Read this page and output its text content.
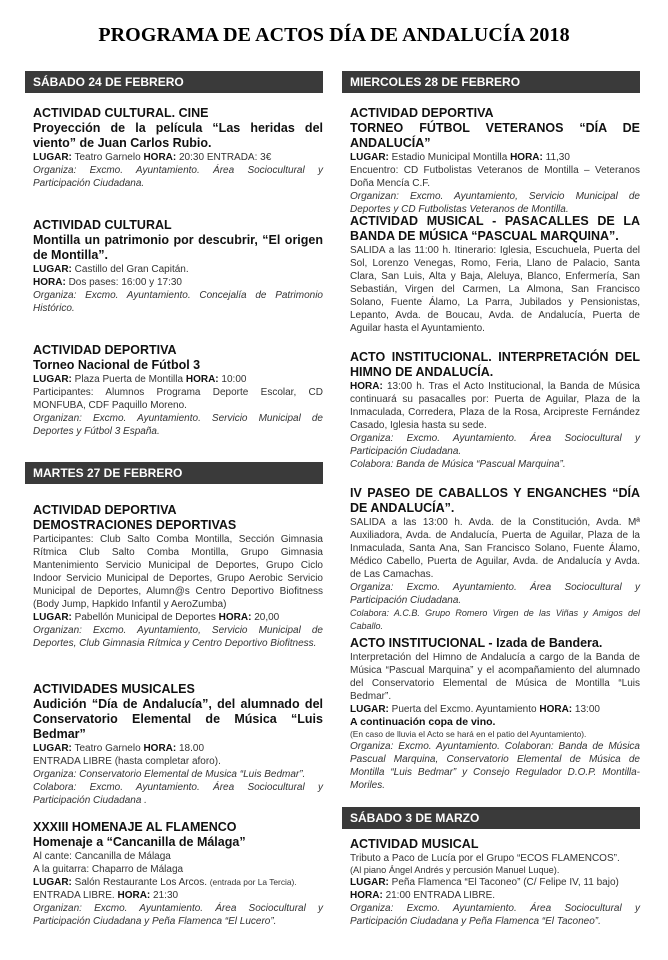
PROGRAMA DE ACTOS DÍA DE ANDALUCÍA 2018
SÁBADO 24 DE FEBRERO
ACTIVIDAD CULTURAL. CINE
Proyección de la película “Las heridas del viento” de Juan Carlos Rubio.
LUGAR: Teatro Garnelo HORA: 20:30 ENTRADA: 3€
Organiza: Excmo. Ayuntamiento. Área Sociocultural y Participación Ciudadana.
ACTIVIDAD CULTURAL
Montilla un patrimonio por descubrir, “El origen de Montilla”.
LUGAR: Castillo del Gran Capitán.
HORA: Dos pases: 16:00 y 17:30
Organiza: Excmo. Ayuntamiento. Concejalía de Patrimonio Histórico.
ACTIVIDAD DEPORTIVA
Torneo Nacional de Fútbol 3
LUGAR: Plaza Puerta de Montilla HORA: 10:00
Participantes: Alumnos Programa Deporte Escolar, CD MONFUBA, CDF Paquillo Moreno.
Organizan: Excmo. Ayuntamiento. Servicio Municipal de Deportes y Fútbol 3 España.
MARTES 27 DE FEBRERO
ACTIVIDAD DEPORTIVA
DEMOSTRACIONES DEPORTIVAS
Participantes: Club Salto Comba Montilla, Sección Gimnasia Rítmica Club Salto Comba Montilla, Grupo Gimnasia Mantenimiento Servicio Municipal de Deportes, Grupo Ciclo Indoor Servicio Municipal de Deportes, Grupo Aerobic Servicio Municipal de Deportes, Alumn@s Centro Deportivo Biofitness (Body Jump, Hapkido Infantil y AeroZumba)
LUGAR: Pabellón Municipal de Deportes HORA: 20,00
Organizan: Excmo. Ayuntamiento, Servicio Municipal de Deportes, Club Gimnasia Rítmica y Centro Deportivo Biofitness.
ACTIVIDADES MUSICALES
Audición “Día de Andalucía”, del alumnado del Conservatorio Elemental de Música “Luis Bedmar”
LUGAR: Teatro Garnelo HORA: 18.00
ENTRADA LIBRE (hasta completar aforo).
Organiza: Conservatorio Elemental de Musica “Luis Bedmar”.
Colabora: Excmo. Ayuntamiento. Área Sociocultural y Participación Ciudadana .
XXXIII HOMENAJE AL FLAMENCO
Homenaje a “Cancanilla de Málaga”
Al cante: Cancanilla de Málaga
A la guitarra: Chaparro de Málaga
LUGAR: Salón Restaurante Los Arcos. (entrada por La Tercia).
ENTRADA LIBRE. HORA: 21:30
Organizan: Excmo. Ayuntamiento. Área Sociocultural y Participación Ciudadana y Peña Flamenca “El Lucero”.
MIERCOLES 28 DE FEBRERO
ACTIVIDAD DEPORTIVA
TORNEO FÚTBOL VETERANOS “DÍA DE ANDALUCÍA”
LUGAR: Estadio Municipal Montilla HORA: 11,30
Encuentro: CD Futbolistas Veteranos de Montilla – Veteranos Doña Mencía C.F.
Organizan: Excmo. Ayuntamiento, Servicio Municipal de Deportes y CD Futbolistas Veteranos de Montilla.
ACTIVIDAD MUSICAL - PASACALLES DE LA BANDA DE MÚSICA “PASCUAL MARQUINA”.
SALIDA a las 11:00 h. Itinerario: Iglesia, Escuchuela, Puerta del Sol, Lorenzo Venegas, Romo, Feria, Llano de Palacio, Santa Clara, San Luis, Alta y Baja, Aleluya, Blanco, Enfermería, San Sebastián, Virgen del Carmen, La Almona, San Francisco Solano, Fuente Álamo, La Parra, Jubilados y Pensionistas, Lepanto, Avda. de Boucau, Avda. de Andalucía, Puerta de Aguilar hasta el Ayuntamiento.
ACTO INSTITUCIONAL. INTERPRETACIÓN DEL HIMNO DE ANDALUCÍA.
HORA: 13:00 h. Tras el Acto Institucional, la Banda de Música continuará su pasacalles por: Puerta de Aguilar, Plaza de la Inmaculada, Corredera, Plaza de la Rosa, Arcipreste Fernández Casado, Iglesia hasta su sede.
Organiza: Excmo. Ayuntamiento. Área Sociocultural y Participación Ciudadana.
Colabora: Banda de Música “Pascual Marquina”.
IV PASEO DE CABALLOS Y ENGANCHES “DÍA DE ANDALUCÍA”.
SALIDA a las 13:00 h. Avda. de la Constitución, Avda. Mª Auxiliadora, Avda. de Andalucía, Puerta de Aguilar, Plaza de la Inmaculada, Santa Ana, San Francisco Solano, Fuente Álamo, Médico Cabello, Puerta de Aguilar, Avda. de Andalucía y Avda. de Las Camachas.
Organiza: Excmo. Ayuntamiento. Área Sociocultural y Participación Ciudadana.
Colabora: A.C.B. Grupo Romero Virgen de las Viñas y Amigos del Caballo.
ACTO INSTITUCIONAL - Izada de Bandera.
Interpretación del Himno de Andalucía a cargo de la Banda de Música “Pascual Marquina” y el acompañamiento del alumnado del Conservatorio Elemental de Música de Montilla “Luis Bedmar”.
LUGAR: Puerta del Excmo. Ayuntamiento HORA: 13:00
A continuación copa de vino.
(En caso de lluvia el Acto se hará en el patio del Ayuntamiento).
Organiza: Excmo. Ayuntamiento. Colaboran: Banda de Música Pascual Marquina, Conservatorio Elemental de Música de Montilla “Luis Bedmar” y Consejo Regulador D.O.P. Montilla-Moriles.
SÁBADO 3 DE MARZO
ACTIVIDAD MUSICAL
Tributo a Paco de Lucía por el Grupo “ECOS FLAMENCOS”.
(Al piano Ángel Andrés y percusión Manuel Luque).
LUGAR: Peña Flamenca “El Taconeo” (C/ Felipe IV, 11 bajo)
HORA: 21:00 ENTRADA LIBRE.
Organiza: Excmo. Ayuntamiento. Área Sociocultural y Participación Ciudadana y Peña Flamenca “El Taconeo”.
